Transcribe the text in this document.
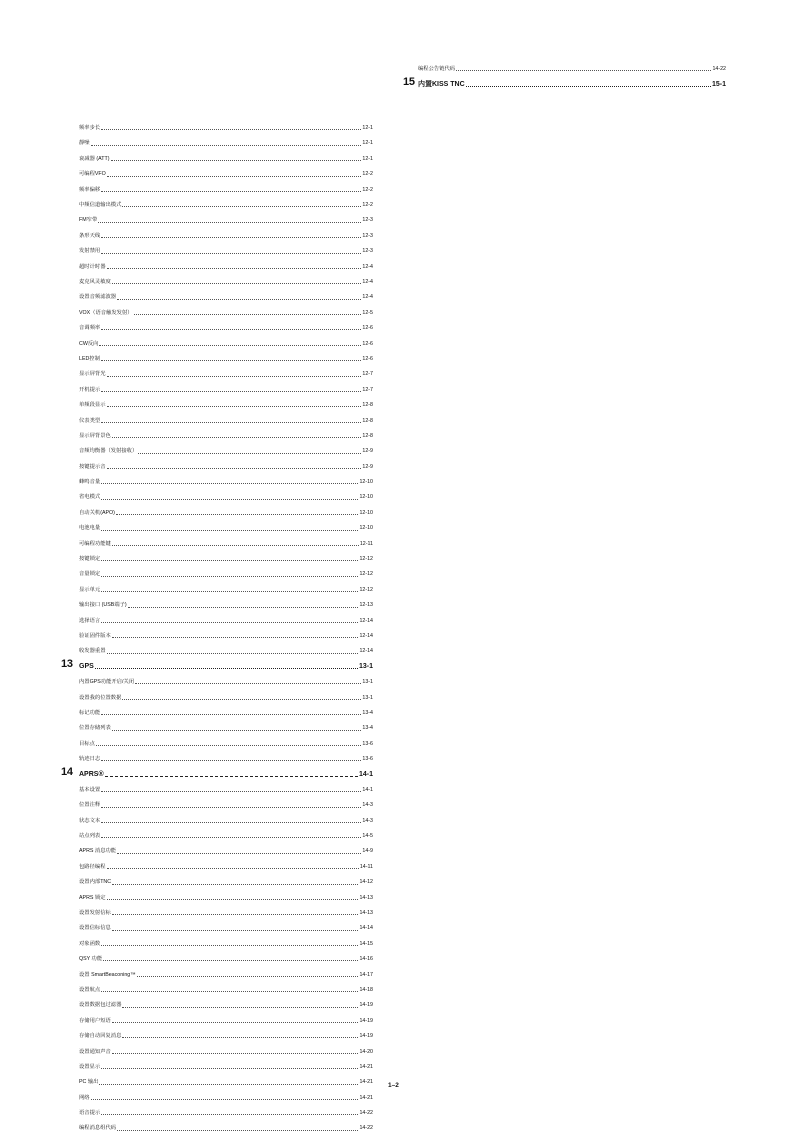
编程公告链代码	14-22
15 内置KISS TNC	15-1
频率步长	12-1
靜噪	12-1
衰减器 (ATT)	12-1
可编程VFO	12-2
频率偏移	12-2
中频信道输出模式	12-2
FM窄带	12-3
条形天线	12-3
发射禁用	12-3
超时计时器	12-4
麦克风灵敏度	12-4
设置音频滤波器	12-4
VOX（语音触发发射）	12-5
音调频率	12-6
CW反向	12-6
LED控制	12-6
显示屏背光	12-7
开机提示	12-7
单频段显示	12-8
仪表类型	12-8
显示屏背景色	12-8
音频均衡器（发射接收）	12-9
按键提示音	12-9
蜂鸣音量	12-10
省电模式	12-10
自动关机(APO)	12-10
电池电量	12-10
可编程功能键	12-11
按键锁定	12-12
音量锁定	12-12
显示单元	12-12
输出接口 (USB端子)	12-13
选择语言	12-14
验证固件版本	12-14
收发器重置	12-14
13 GPS	13-1
内置GPS功能开启/关闭	13-1
设置我的位置数据	13-1
标记功能	13-4
位置存储列表	13-4
目标点	13-6
轨迹日志	13-6
14 APRS®	14-1
基本设置	14-1
位置注释	14-3
状态文本	14-3
站点列表	14-5
APRS 消息功能	14-9
包路径编程	14-11
设置内部TNC	14-12
APRS 锁定	14-13
设置发射信标	14-13
设置信标信息	14-14
对象函数	14-15
QSY 功能	14-16
设置 SmartBeaconing™	14-17
设置航点	14-18
设置数据包过滤器	14-19
存储用户短语	14-19
存储自动回复消息	14-19
设置通知声音	14-20
设置显示	14-21
PC 输出	14-21
网络	14-21
语音提示	14-22
编程消息组代码	14-22
1–2
